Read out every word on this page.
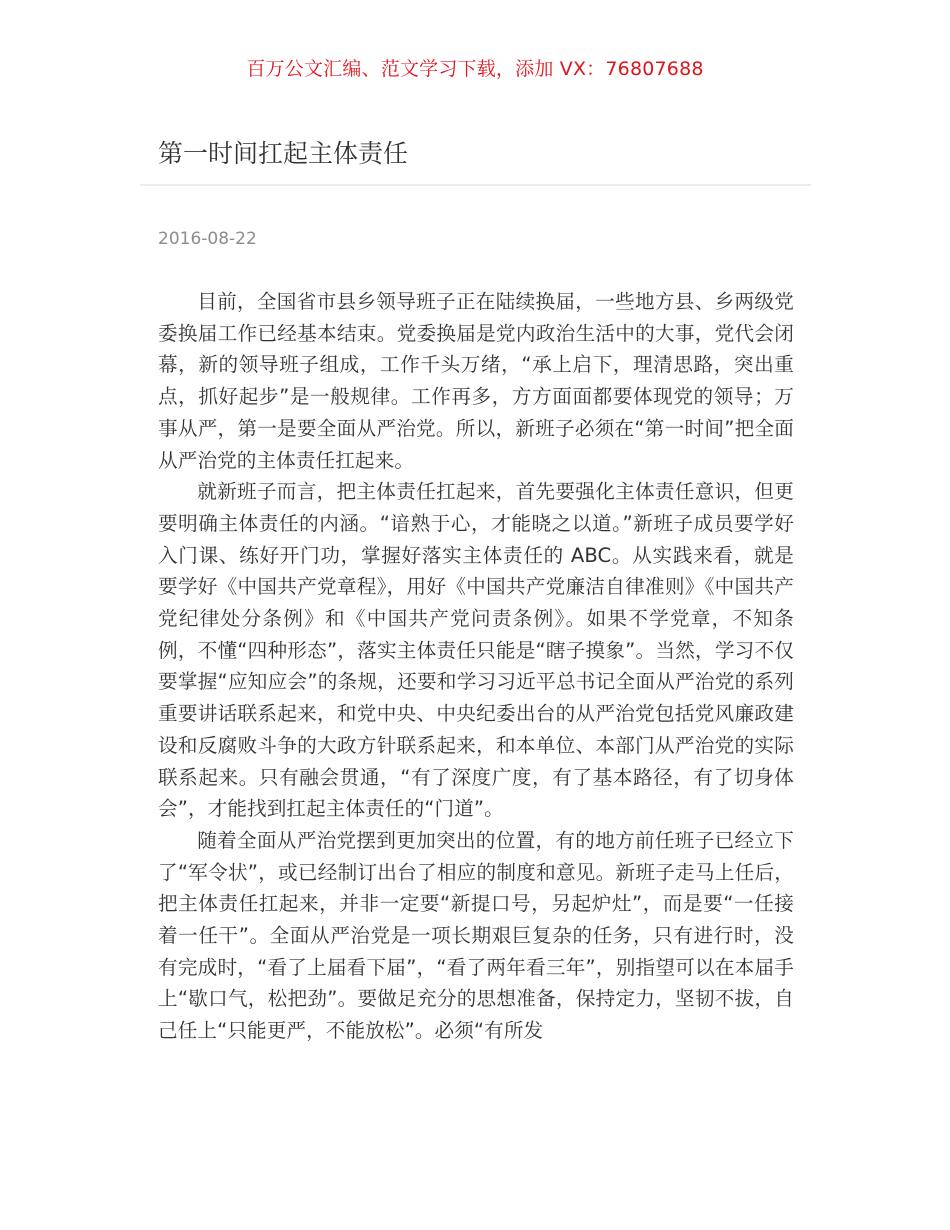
百万公文汇编、范文学习下载，添加 VX：76807688
第一时间扛起主体责任
2016-08-22

目前，全国省市县乡领导班子正在陆续换届，一些地方县、乡两级党委换届工作已经基本结束。党委换届是党内政治生活中的大事，党代会闭幕，新的领导班子组成，工作千头万绪，“承上启下，理清思路，突出重点，抓好起步”是一般规律。工作再多，方方面面都要体现党的领导；万事从严，第一是要全面从严治党。所以，新班子必须在“第一时间”把全面从严治党的主体责任扛起来。

就新班子而言，把主体责任扛起来，首先要强化主体责任意识，但更要明确主体责任的内涵。“谙熟于心，才能晓之以道。”新班子成员要学好入门课、练好开门功，掌握好落实主体责任的 ABC。从实践来看，就是要学好《中国共产党章程》，用好《中国共产党廉洁自律准则》《中国共产党纪律处分条例》和《中国共产党问责条例》。如果不学党章，不知条例，不懂“四种形态”，落实主体责任只能是“瞎子摸象”。当然，学习不仅要掌握“应知应会”的条规，还要和学习习近平总书记全面从严治党的系列重要讲话联系起来，和党中央、中央纪委出台的从严治党包括党风廉政建设和反腐败斗争的大政方针联系起来，和本单位、本部门从严治党的实际联系起来。只有融会贯通，“有了深度广度，有了基本路径，有了切身体会”，才能找到扛起主体责任的“门道”。

随着全面从严治党摆到更加突出的位置，有的地方前任班子已经立下了“军令状”，或已经制订出台了相应的制度和意见。新班子走马上任后，把主体责任扛起来，并非一定要“新提口号，另起炉灶”，而是要“一任接着一任干”。全面从严治党是一项长期艰巨复杂的任务，只有进行时，没有完成时，“看了上届看下届”，“看了两年看三年”，别指望可以在本届手上“歇口气，松把劲”。要做足充分的思想准备，保持定力，坚韧不拔，自己任上“只能更严，不能放松”。必须“有所发
